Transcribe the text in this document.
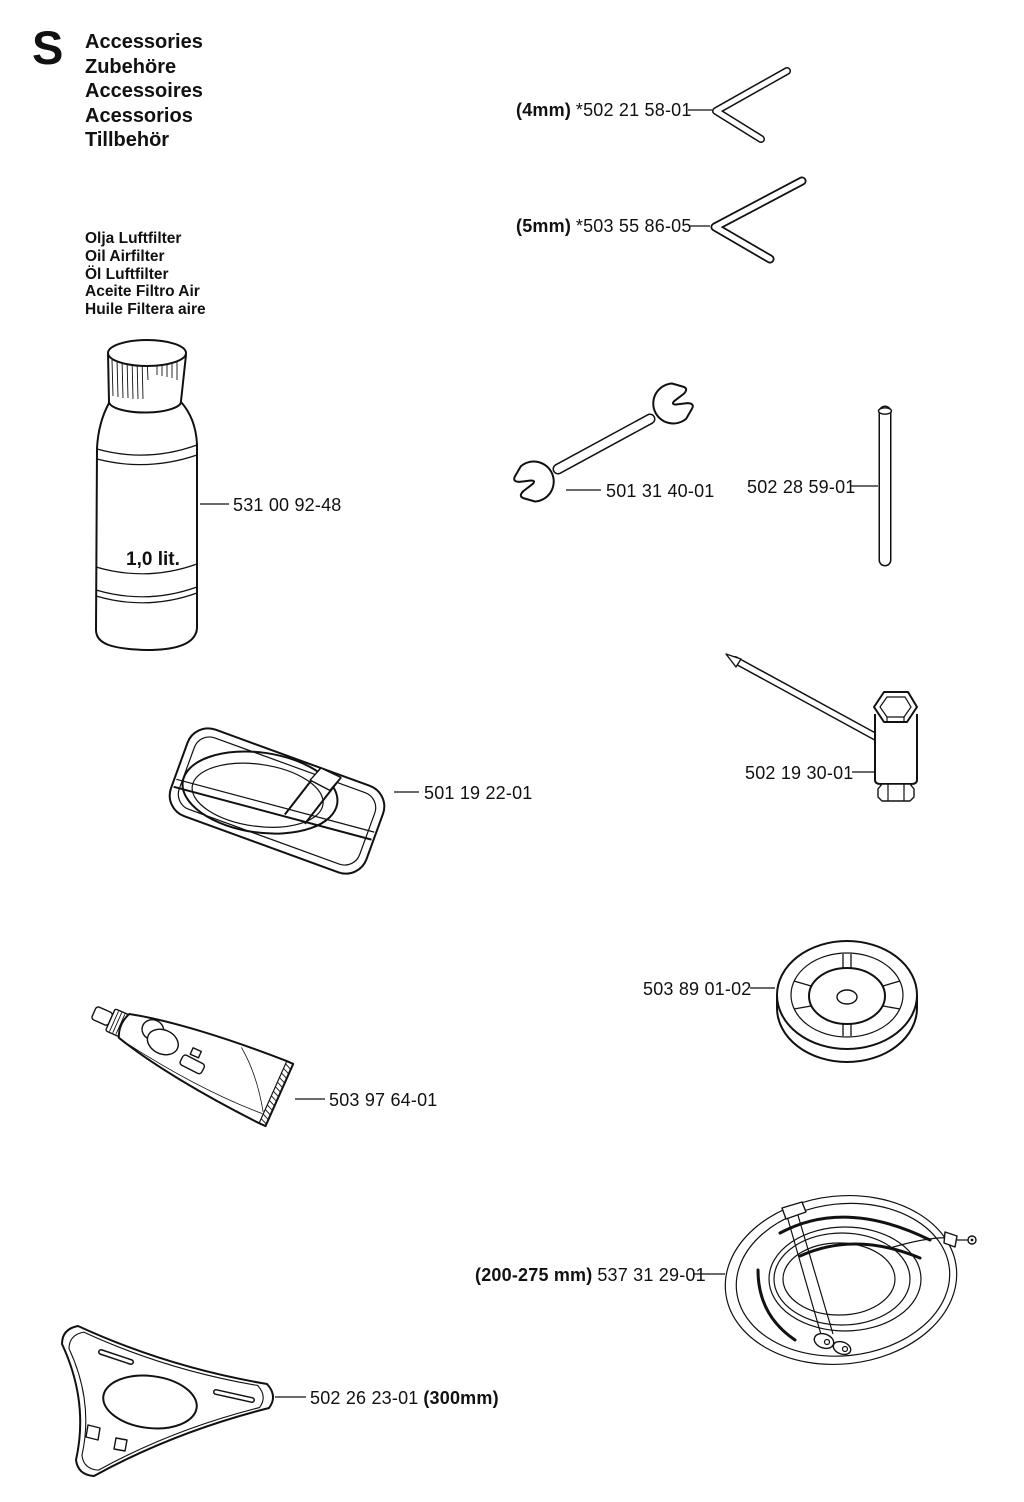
S Accessories
Zubehöre
Accessoires
Acessorios
Tillbehör
Olja Luftfilter
Oil Airfilter
Öl Luftfilter
Aceite Filtro Air
Huile Filtera aire
(4mm) *502 21 58-01
(5mm) *503 55 86-05
531 00 92-48
1,0 lit.
501 31 40-01 502 28 59-01
502 19 30-01
501 19 22-01
503 89 01-02
503 97 64-01
(200-275 mm) 537 31 29-01
502 26 23-01 (300mm)
